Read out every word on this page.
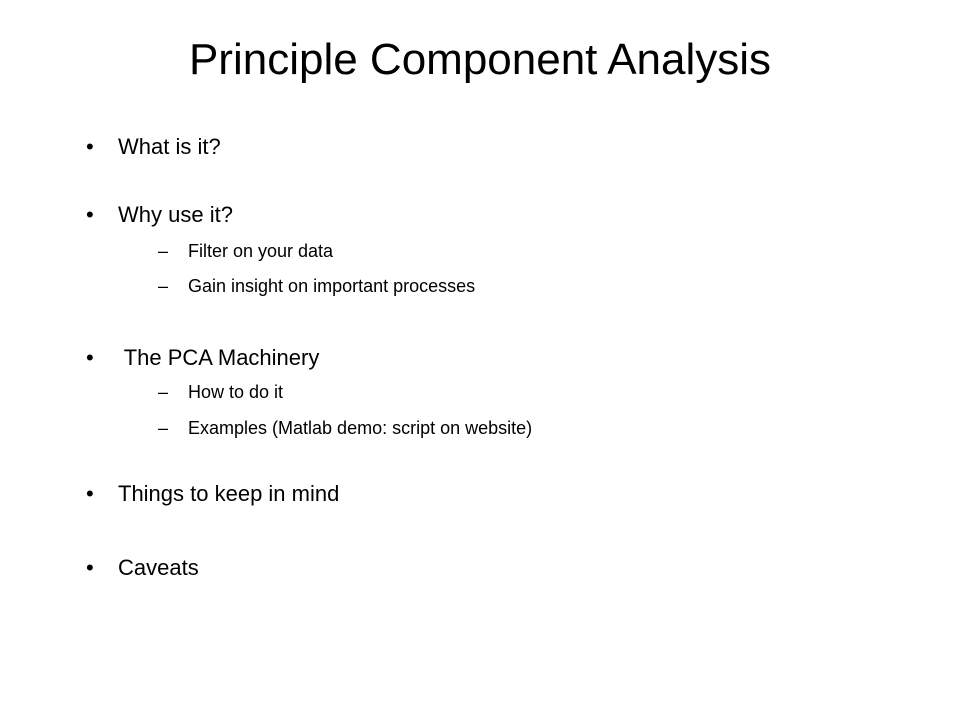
Principle Component Analysis
• What is it?
• Why use it?
– Filter on your data
– Gain insight on important processes
• The PCA Machinery
– How to do it
– Examples (Matlab demo: script on website)
• Things to keep in mind
• Caveats
